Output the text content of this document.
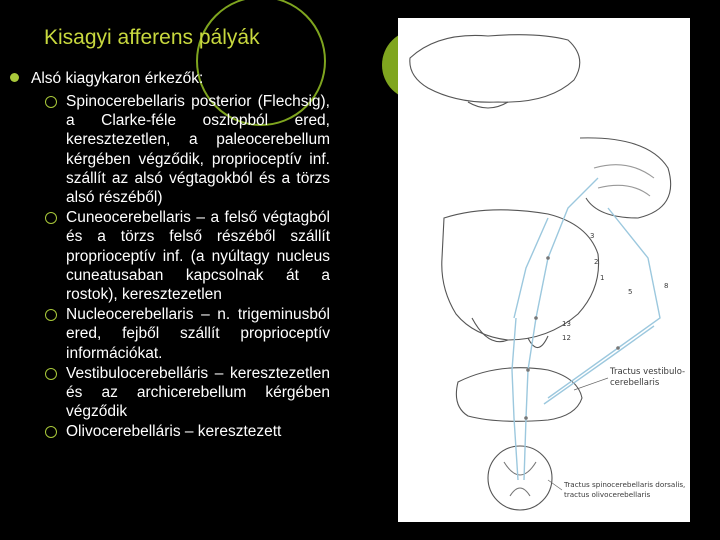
Kisagyi afferens pályák
Alsó kiagykaron érkezők:
Spinocerebellaris posterior (Flechsig), a Clarke-féle oszlopból ered, keresztezetlen, a paleocerebellum kérgében végződik, proprioceptív inf. szállít az alsó végtagokból és a törzs alsó részéből)
Cuneocerebellaris – a felső végtagból és a törzs felső részéből szállít proprioceptív inf. (a nyúltagy nucleus cuneatusaban kapcsolnak át a rostok), keresztezetlen
Nucleocerebellaris – n. trigeminusból ered, fejből szállít proprioceptív információkat.
Vestibulocerebelláris – keresztezetlen és az archicerebellum kérgében végződik
Olivocerebelláris – keresztezett
3
2
1
5
8
13
12
Tractus vestibulo-
cerebellaris
Tractus spinocerebellaris dorsalis,
tractus olivocerebellaris
